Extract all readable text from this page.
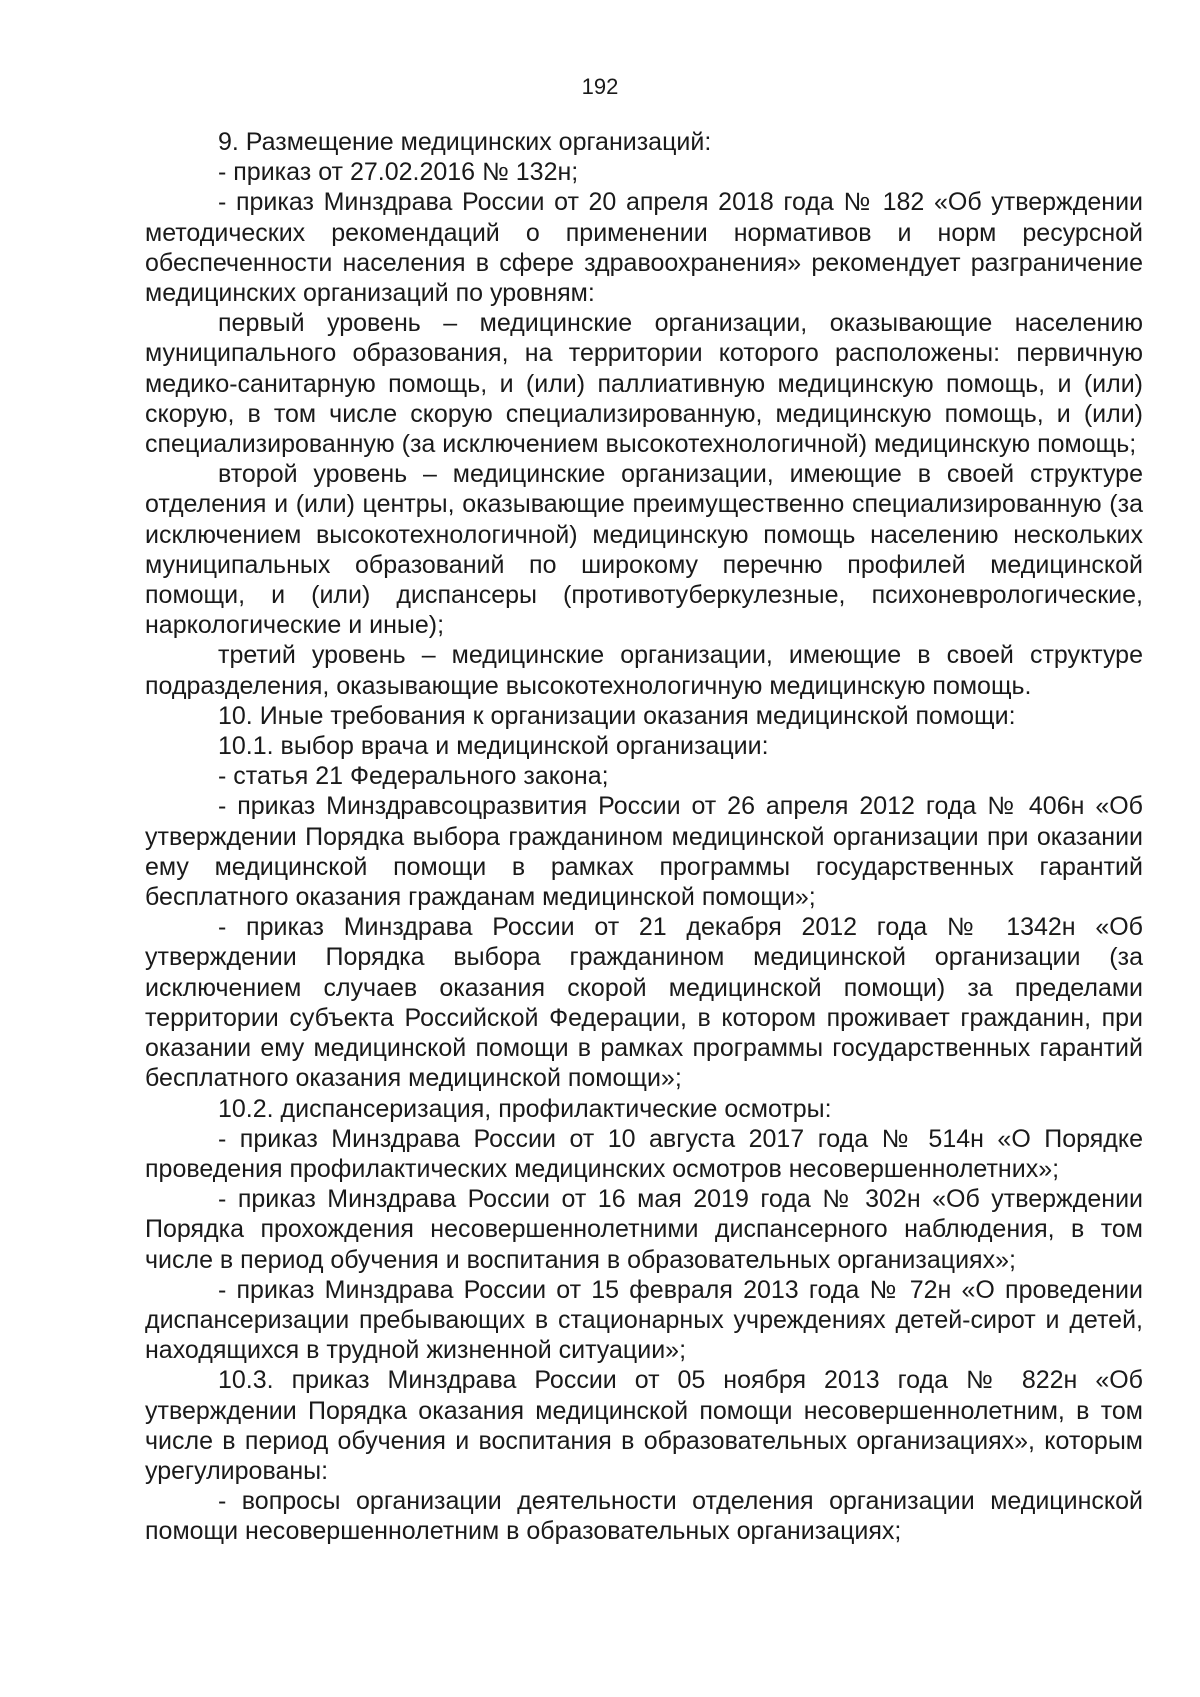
192

9. Размещение медицинских организаций:

- приказ от 27.02.2016 № 132н;

- приказ Минздрава России от 20 апреля 2018 года № 182 «Об утверждении методических рекомендаций о применении нормативов и норм ресурсной обеспеченности населения в сфере здравоохранения» рекомендует разграничение медицинских организаций по уровням:

первый уровень – медицинские организации, оказывающие населению муниципального образования, на территории которого расположены: первичную медико-санитарную помощь, и (или) паллиативную медицинскую помощь, и (или) скорую, в том числе скорую специализированную, медицинскую помощь, и (или) специализированную (за исключением высокотехнологичной) медицинскую помощь;

второй уровень – медицинские организации, имеющие в своей структуре отделения и (или) центры, оказывающие преимущественно специализированную (за исключением высокотехнологичной) медицинскую помощь населению нескольких муниципальных образований по широкому перечню профилей медицинской помощи, и (или) диспансеры (противотуберкулезные, психоневрологические, наркологические и иные);

третий уровень – медицинские организации, имеющие в своей структуре подразделения, оказывающие высокотехнологичную медицинскую помощь.

10. Иные требования к организации оказания медицинской помощи:

10.1. выбор врача и медицинской организации:

- статья 21 Федерального закона;

- приказ Минздравсоцразвития России от 26 апреля 2012 года № 406н «Об утверждении Порядка выбора гражданином медицинской организации при оказании ему медицинской помощи в рамках программы государственных гарантий бесплатного оказания гражданам медицинской помощи»;

- приказ Минздрава России от 21 декабря 2012 года № 1342н «Об утверждении Порядка выбора гражданином медицинской организации (за исключением случаев оказания скорой медицинской помощи) за пределами территории субъекта Российской Федерации, в котором проживает гражданин, при оказании ему медицинской помощи в рамках программы государственных гарантий бесплатного оказания медицинской помощи»;

10.2. диспансеризация, профилактические осмотры:

- приказ Минздрава России от 10 августа 2017 года № 514н «О Порядке проведения профилактических медицинских осмотров несовершеннолетних»;

- приказ Минздрава России от 16 мая 2019 года № 302н «Об утверждении Порядка прохождения несовершеннолетними диспансерного наблюдения, в том числе в период обучения и воспитания в образовательных организациях»;

- приказ Минздрава России от 15 февраля 2013 года № 72н «О проведении диспансеризации пребывающих в стационарных учреждениях детей-сирот и детей, находящихся в трудной жизненной ситуации»;

10.3. приказ Минздрава России от 05 ноября 2013 года № 822н «Об утверждении Порядка оказания медицинской помощи несовершеннолетним, в том числе в период обучения и воспитания в образовательных организациях», которым урегулированы:

- вопросы организации деятельности отделения организации медицинской помощи несовершеннолетним в образовательных организациях;
